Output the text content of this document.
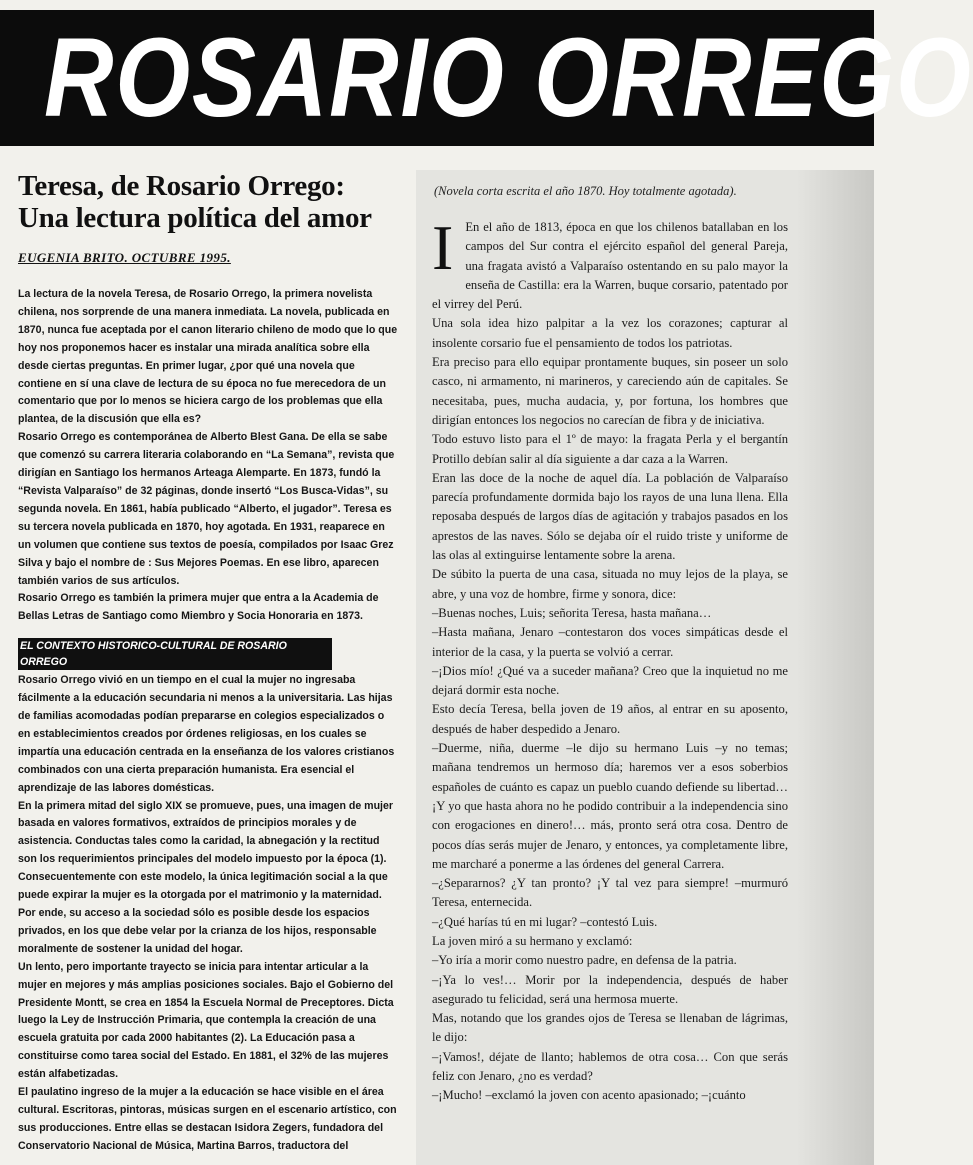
ROSARIO ORREGO
Teresa, de Rosario Orrego:
Una lectura política del amor
EUGENIA BRITO. OCTUBRE 1995.

La lectura de la novela Teresa, de Rosario Orrego, la primera novelista chilena, nos sorprende de una manera inmediata. La novela, publicada en 1870, nunca fue aceptada por el canon literario chileno de modo que lo que hoy nos proponemos hacer es instalar una mirada analítica sobre ella desde ciertas preguntas. En primer lugar, ¿por qué una novela que contiene en sí una clave de lectura de su época no fue merecedora de un comentario que por lo menos se hiciera cargo de los problemas que ella plantea, de la discusión que ella es?

Rosario Orrego es contemporánea de Alberto Blest Gana. De ella se sabe que comenzó su carrera literaria colaborando en “La Semana”, revista que dirigían en Santiago los hermanos Arteaga Alemparte. En 1873, fundó la “Revista Valparaíso” de 32 páginas, donde insertó “Los Busca-Vidas”, su segunda novela. En 1861, había publicado “Alberto, el jugador”. Teresa es su tercera novela publicada en 1870, hoy agotada. En 1931, reaparece en un volumen que contiene sus textos de poesía, compilados por Isaac Grez Silva y bajo el nombre de : Sus Mejores Poemas. En ese libro, aparecen también varios de sus artículos.

Rosario Orrego es también la primera mujer que entra a la Academia de Bellas Letras de Santiago como Miembro y Socia Honoraria en 1873.

EL CONTEXTO HISTORICO-CULTURAL DE ROSARIO ORREGO

Rosario Orrego vivió en un tiempo en el cual la mujer no ingresaba fácilmente a la educación secundaria ni menos a la universitaria. Las hijas de familias acomodadas podían prepararse en colegios especializados o en establecimientos creados por órdenes religiosas, en los cuales se impartía una educación centrada en la enseñanza de los valores cristianos combinados con una cierta preparación humanista. Era esencial el aprendizaje de las labores domésticas.

En la primera mitad del siglo XIX se promueve, pues, una imagen de mujer basada en valores formativos, extraídos de principios morales y de asistencia. Conductas tales como la caridad, la abnegación y la rectitud son los requerimientos principales del modelo impuesto por la época (1). Consecuentemente con este modelo, la única legitimación social a la que puede expirar la mujer es la otorgada por el matrimonio y la maternidad. Por ende, su acceso a la sociedad sólo es posible desde los espacios privados, en los que debe velar por la crianza de los hijos, responsable moralmente de sostener la unidad del hogar.

Un lento, pero importante trayecto se inicia para intentar articular a la mujer en mejores y más amplias posiciones sociales. Bajo el Gobierno del Presidente Montt, se crea en 1854 la Escuela Normal de Preceptores. Dicta luego la Ley de Instrucción Primaria, que contempla la creación de una escuela gratuita por cada 2000 habitantes (2). La Educación pasa a constituirse como tarea social del Estado. En 1881, el 32% de las mujeres están alfabetizadas.

El paulatino ingreso de la mujer a la educación se hace visible en el área cultural. Escritoras, pintoras, músicas surgen en el escenario artístico, con sus producciones. Entre ellas se destacan Isidora Zegers, fundadora del Conservatorio Nacional de Música, Martina Barros, traductora del

(Novela corta escrita el año 1870. Hoy totalmente agotada).

I En el año de 1813, época en que los chilenos batallaban en los campos del Sur contra el ejército español del general Pareja, una fragata avistó a Valparaíso ostentando en su palo mayor la enseña de Castilla: era la Warren, buque corsario, patentado por el virrey del Perú.

Una sola idea hizo palpitar a la vez los corazones; capturar al insolente corsario fue el pensamiento de todos los patriotas.

Era preciso para ello equipar prontamente buques, sin poseer un solo casco, ni armamento, ni marineros, y careciendo aún de capitales. Se necesitaba, pues, mucha audacia, y, por fortuna, los hombres que dirigían entonces los negocios no carecían de fibra y de iniciativa.

Todo estuvo listo para el 1º de mayo: la fragata Perla y el bergantín Protillo debían salir al día siguiente a dar caza a la Warren.

Eran las doce de la noche de aquel día. La población de Valparaíso parecía profundamente dormida bajo los rayos de una luna llena. Ella reposaba después de largos días de agitación y trabajos pasados en los aprestos de las naves. Sólo se dejaba oír el ruido triste y uniforme de las olas al extinguirse lentamente sobre la arena.

De súbito la puerta de una casa, situada no muy lejos de la playa, se abre, y una voz de hombre, firme y sonora, dice:

–Buenas noches, Luis; señorita Teresa, hasta mañana…

–Hasta mañana, Jenaro –contestaron dos voces simpáticas desde el interior de la casa, y la puerta se volvió a cerrar.

–¡Dios mío! ¿Qué va a suceder mañana? Creo que la inquietud no me dejará dormir esta noche.

Esto decía Teresa, bella joven de 19 años, al entrar en su aposento, después de haber despedido a Jenaro.

–Duerme, niña, duerme –le dijo su hermano Luis –y no temas; mañana tendremos un hermoso día; haremos ver a esos soberbios españoles de cuánto es capaz un pueblo cuando defiende su libertad… ¡Y yo que hasta ahora no he podido contribuir a la independencia sino con erogaciones en dinero!… más, pronto será otra cosa. Dentro de pocos días serás mujer de Jenaro, y entonces, ya completamente libre, me marcharé a ponerme a las órdenes del general Carrera.

–¿Separarnos? ¿Y tan pronto? ¡Y tal vez para siempre! –murmuró Teresa, enternecida.

–¿Qué harías tú en mi lugar? –contestó Luis.

La joven miró a su hermano y exclamó:

–Yo iría a morir como nuestro padre, en defensa de la patria.

–¡Ya lo ves!… Morir por la independencia, después de haber asegurado tu felicidad, será una hermosa muerte.

Mas, notando que los grandes ojos de Teresa se llenaban de lágrimas, le dijo:

–¡Vamos!, déjate de llanto; hablemos de otra cosa… Con que serás feliz con Jenaro, ¿no es verdad?

–¡Mucho! –exclamó la joven con acento apasionado; –¡cuánto
